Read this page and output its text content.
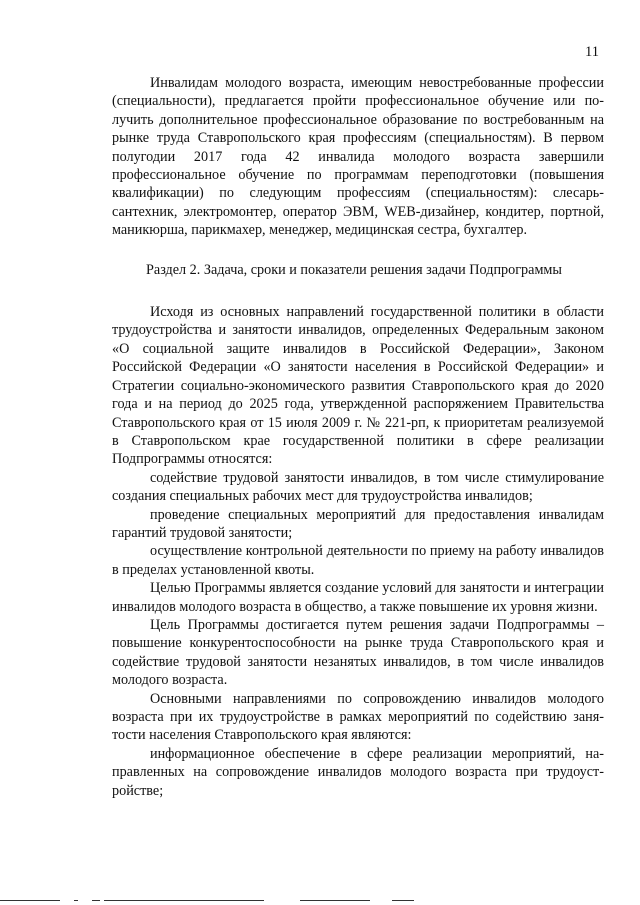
11

Инвалидам молодого возраста, имеющим невостребованные профессии (специальности), предлагается пройти профессиональное обучение или получить дополнительное профессиональное образование по востребованным на рынке труда Ставропольского края профессиям (специальностям). В первом полугодии 2017 года 42 инвалида молодого возраста завершили профессиональное обучение по программам переподготовки (повышения квалификации) по следующим профессиям (специальностям): слесарь-сантехник, электромонтер, оператор ЭВМ, WEB-дизайнер, кондитер, портной, маникюрша, парикмахер, менеджер, медицинская сестра, бухгалтер.

Раздел 2. Задача, сроки и показатели решения задачи Подпрограммы

Исходя из основных направлений государственной политики в области трудоустройства и занятости инвалидов, определенных Федеральным законом «О социальной защите инвалидов в Российской Федерации», Законом Российской Федерации «О занятости населения в Российской Федерации» и Стратегии социально-экономического развития Ставропольского края до 2020 года и на период до 2025 года, утвержденной распоряжением Правительства Ставропольского края от 15 июля 2009 г. № 221-рп, к приоритетам реализуемой в Ставропольском крае государственной политики в сфере реализации Подпрограммы относятся:

содействие трудовой занятости инвалидов, в том числе стимулирование создания специальных рабочих мест для трудоустройства инвалидов;

проведение специальных мероприятий для предоставления инвалидам гарантий трудовой занятости;

осуществление контрольной деятельности по приему на работу инвалидов в пределах установленной квоты.

Целью Программы является создание условий для занятости и интеграции инвалидов молодого возраста в общество, а также повышение их уровня жизни.

Цель Программы достигается путем решения задачи Подпрограммы – повышение конкурентоспособности на рынке труда Ставропольского края и содействие трудовой занятости незанятых инвалидов, в том числе инвалидов молодого возраста.

Основными направлениями по сопровождению инвалидов молодого возраста при их трудоустройстве в рамках мероприятий по содействию занятости населения Ставропольского края являются:

информационное обеспечение в сфере реализации мероприятий, направленных на сопровождение инвалидов молодого возраста при трудоустройстве;
